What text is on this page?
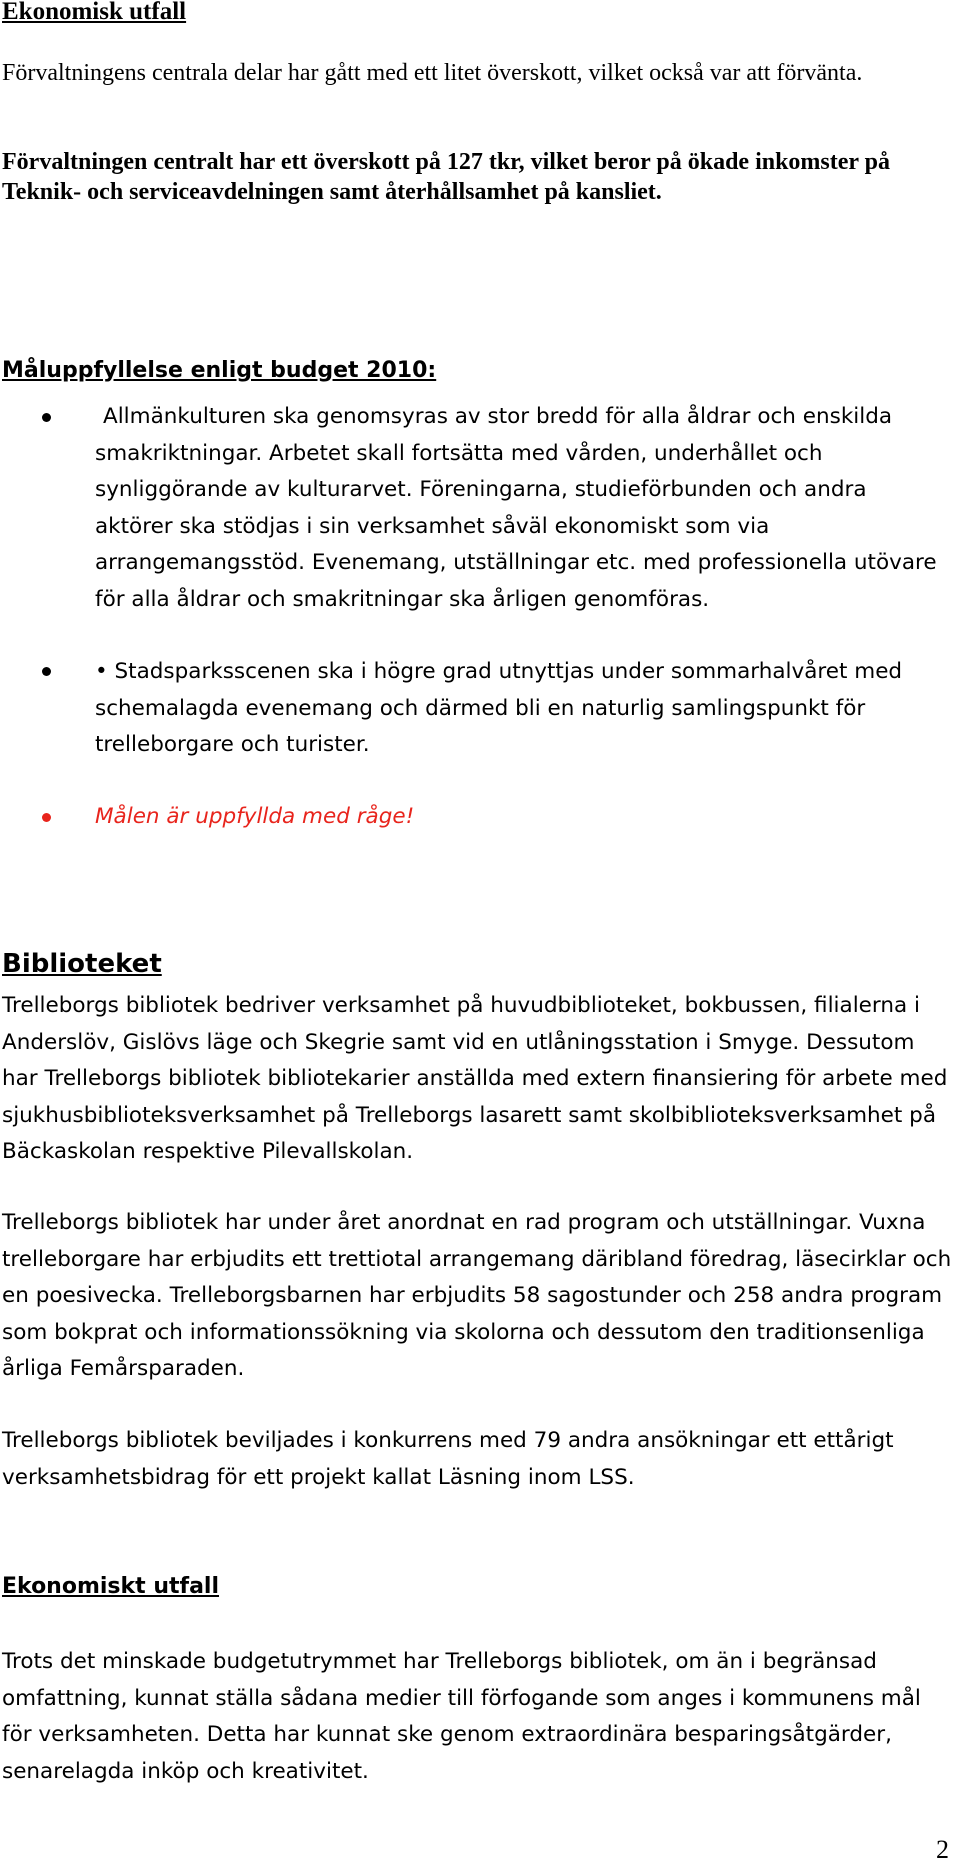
Ekonomisk utfall

Förvaltningens centrala delar har gått med ett litet överskott, vilket också var att förvänta.

Förvaltningen centralt har ett överskott på 127 tkr, vilket beror på ökade inkomster på Teknik- och serviceavdelningen samt återhållsamhet på kansliet.

Måluppfyllelse enligt budget 2010:

Allmänkulturen ska genomsyras av stor bredd för alla åldrar och enskilda smakriktningar. Arbetet skall fortsätta med vården, underhållet och synliggörande av kulturarvet. Föreningarna, studieförbunden och andra aktörer ska stödjas i sin verksamhet såväl ekonomiskt som via arrangemangsstöd. Evenemang, utställningar etc. med professionella utövare för alla åldrar och smakritningar ska årligen genomföras.

• Stadsparksscenen ska i högre grad utnyttjas under sommarhalvåret med schemalagda evenemang och därmed bli en naturlig samlingspunkt för trelleborgare och turister.

Målen är uppfyllda med råge!

Biblioteket

Trelleborgs bibliotek bedriver verksamhet på huvudbiblioteket, bokbussen, filialerna i Anderslöv, Gislövs läge och Skegrie samt vid en utlåningsstation i Smyge. Dessutom har Trelleborgs bibliotek bibliotekarier anställda med extern finansiering för arbete med sjukhusbiblioteksverksamhet på Trelleborgs lasarett samt skolbiblioteksverksamhet på Bäckaskolan respektive Pilevallskolan.

Trelleborgs bibliotek har under året anordnat en rad program och utställningar. Vuxna trelleborgare har erbjudits ett trettiotal arrangemang däribland föredrag, läsecirklar och en poesivecka. Trelleborgsbarnen har erbjudits 58 sagostunder och 258 andra program som bokprat och informationssökning via skolorna och dessutom den traditionsenliga årliga Femårsparaden.

Trelleborgs bibliotek beviljades i konkurrens med 79 andra ansökningar ett ettårigt verksamhetsbidrag för ett projekt kallat Läsning inom LSS.

Ekonomiskt utfall

Trots det minskade budgetutrymmet har Trelleborgs bibliotek, om än i begränsad omfattning, kunnat ställa sådana medier till förfogande som anges i kommunens mål för verksamheten. Detta har kunnat ske genom extraordinära besparingsåtgärder, senarelagda inköp och kreativitet.

2
